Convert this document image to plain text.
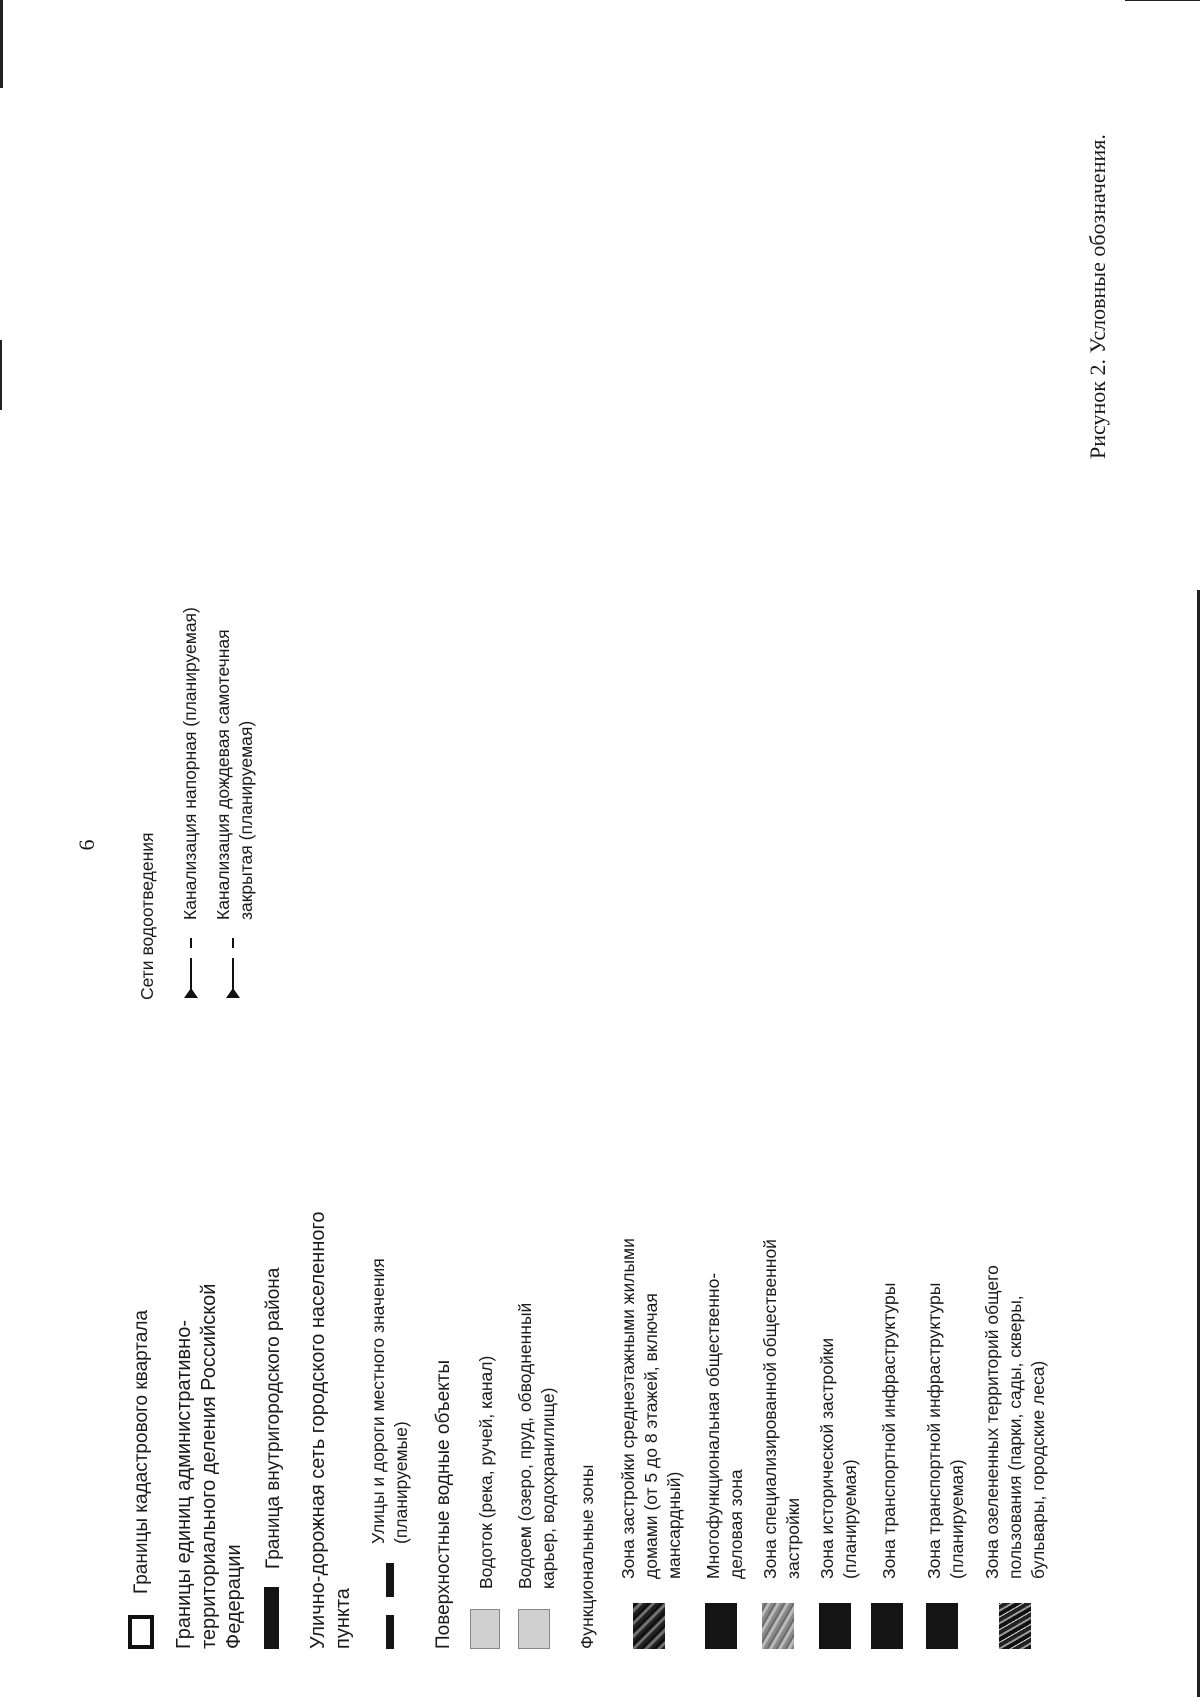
6
Границы кадастрового квартала Границы единиц административно- территориального деления Российской Федерации
Граница внутригородского района Улично-дорожная сеть городского населенного пункта
Улицы и дороги местного значения (планируемые) Поверхностные водные объекты Водоток (река, ручей, канал) Водоем (озеро, пруд, обводненный карьер, водохранилище) Функциональные зоны Зона застройки среднеэтажными жилыми домами (от 5 до 8 этажей, включая мансардный) Многофункциональная общественно- деловая зона Зона специализированной общественной застройки Зона исторической застройки (планируемая) Зона транспортной инфраструктуры Зона транспортной инфраструктуры (планируемая) Зона озелененных территорий общего пользования (парки, сады, скверы, бульвары, городские леса)
Сети водоотведения Канализация напорная (планируемая) Канализация дождевая самотечная закрытая (планируемая)
Рисунок 2. Условные обозначения.
